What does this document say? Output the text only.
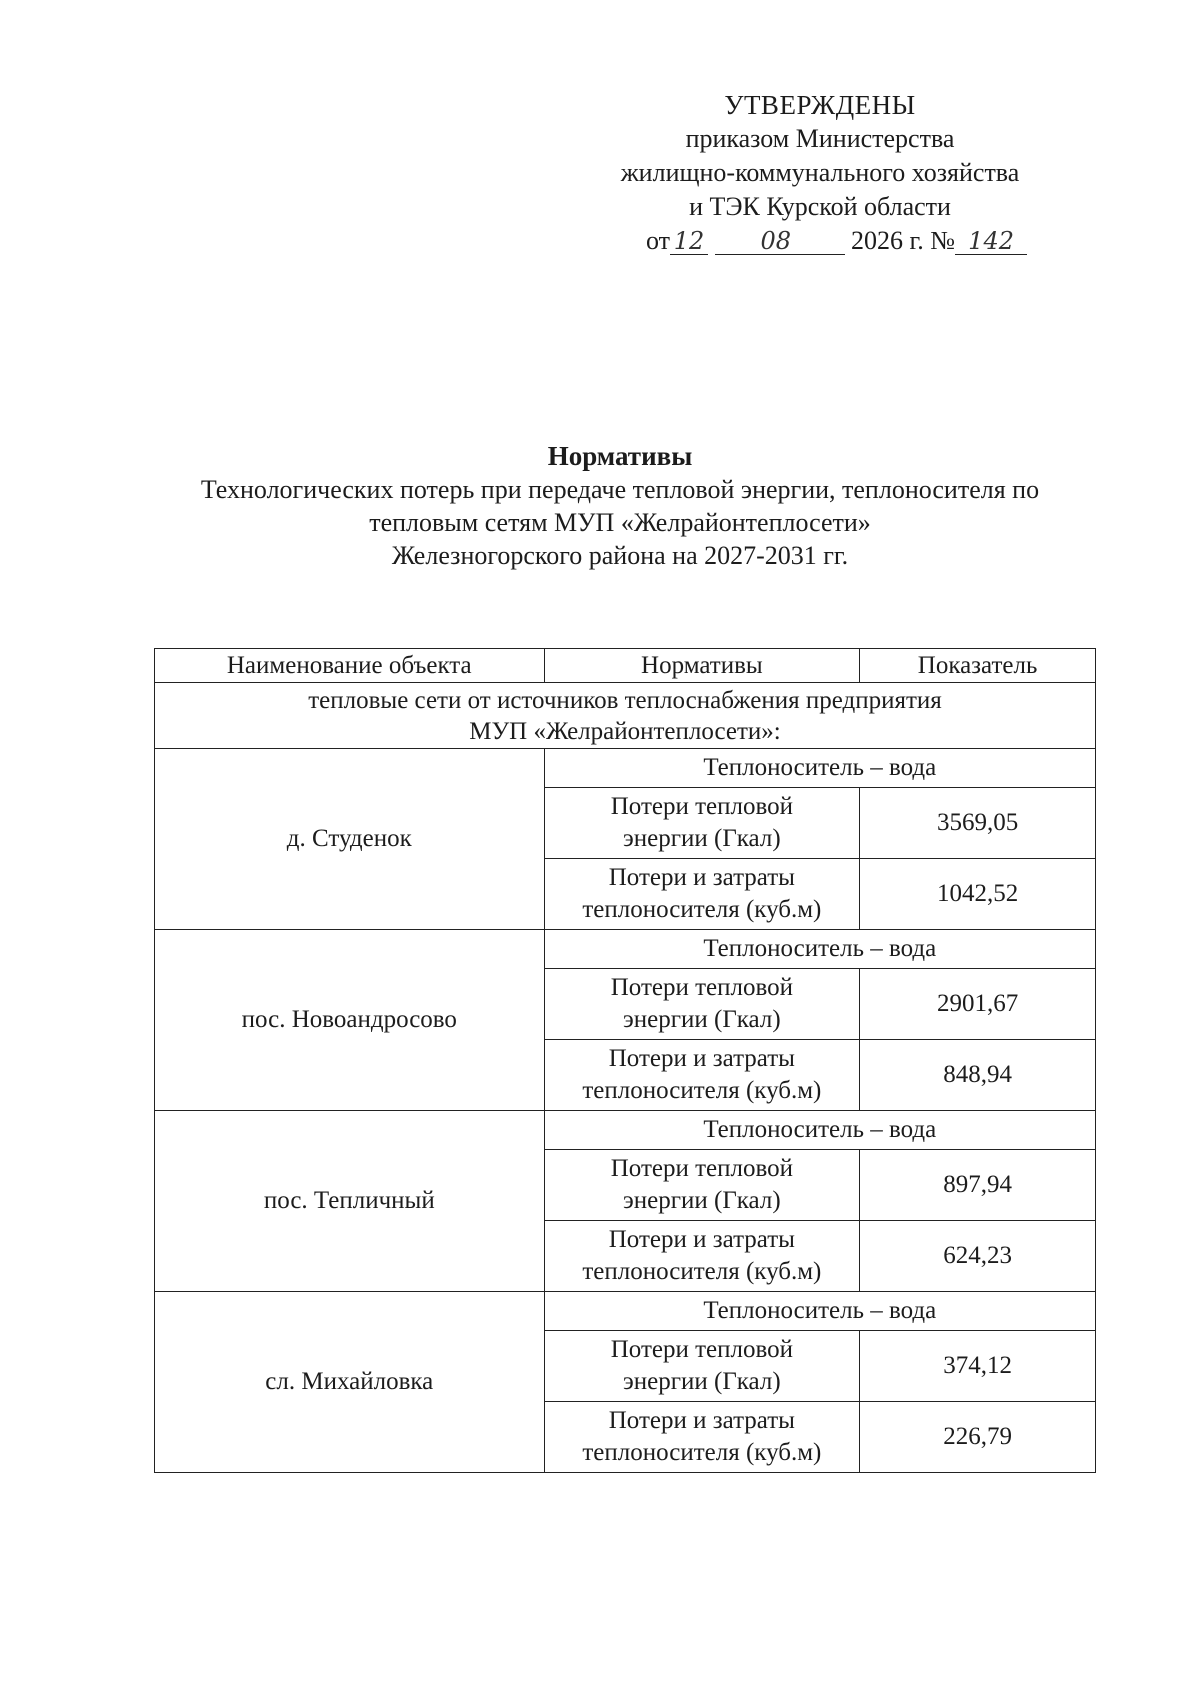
УТВЕРЖДЕНЫ
приказом Министерства
жилищно-коммунального хозяйства
и ТЭК Курской области
от 12 08 2026 г. № 142
Нормативы
Технологических потерь при передаче тепловой энергии, теплоносителя по
тепловым сетям МУП «Желрайонтеплосети»
Железногорского района на 2027-2031 гг.
Наименование объекта	Нормативы	Показатель

тепловые сети от источников теплоснабжения предприятия
МУП «Желрайонтеплосети»:		

д. Студенок	Теплоноситель – вода	

	Потери тепловой
энергии (Гкал)	3569,05

	Потери и затраты
теплоносителя (куб.м)	1042,52
пос. Новоандросово	Теплоноситель – вода	

	Потери тепловой
энергии (Гкал)	2901,67

	Потери и затраты
теплоносителя (куб.м)	848,94
пос. Тепличный	Теплоноситель – вода	

	Потери тепловой
энергии (Гкал)	897,94

	Потери и затраты
теплоносителя (куб.м)	624,23
сл. Михайловка	Теплоноситель – вода	

	Потери тепловой
энергии (Гкал)	374,12

	Потери и затраты
теплоносителя (куб.м)	226,79
